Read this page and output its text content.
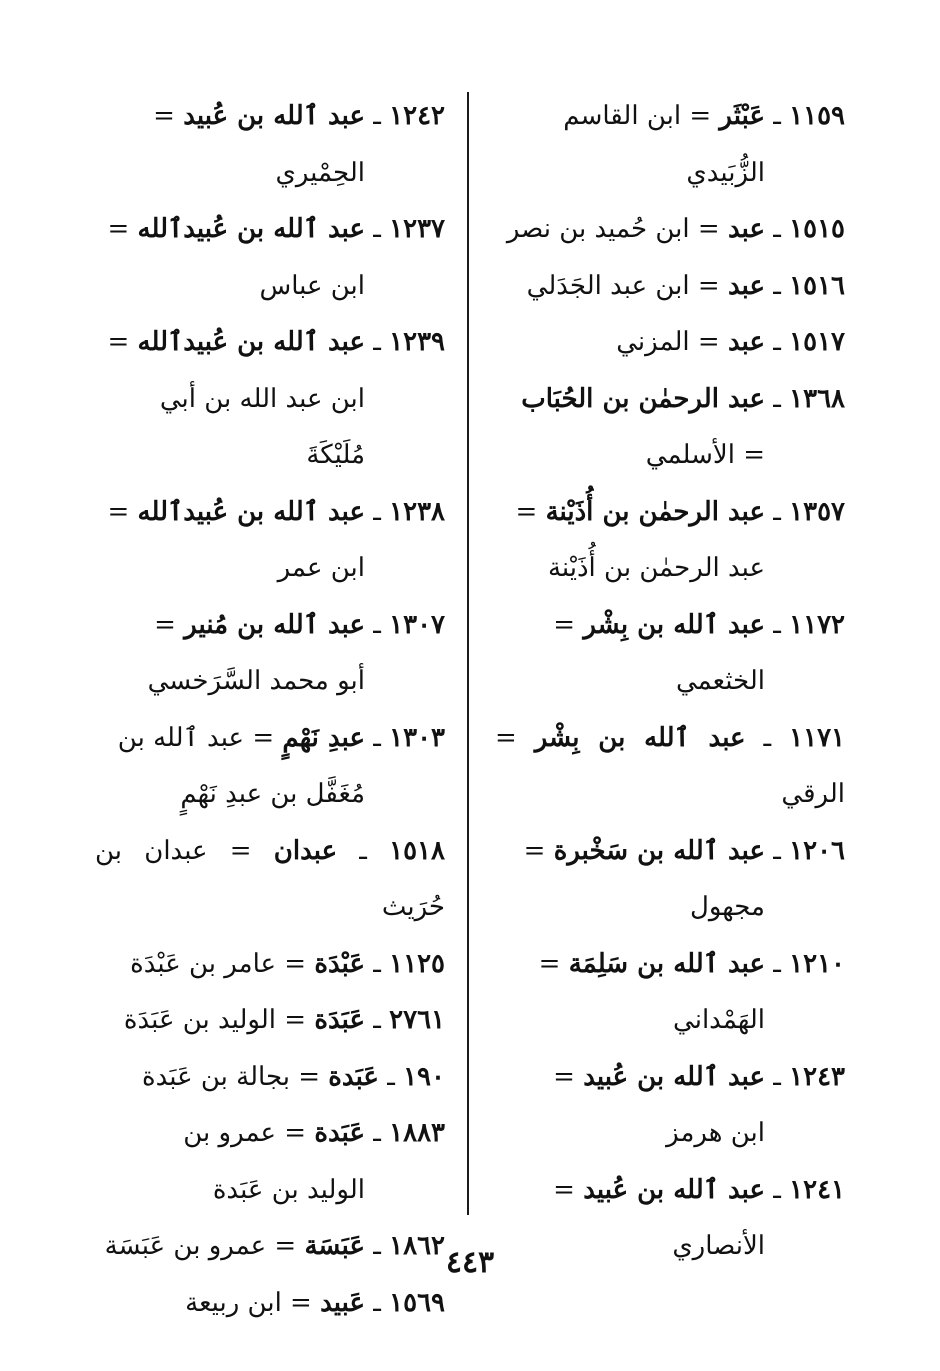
١١٥٩ ـ عَبْثَر = ابن القاسم
الزُّبَيدي
١٥١٥ ـ عبد = ابن حُميد بن نصر
١٥١٦ ـ عبد = ابن عبد الجَدَلي
١٥١٧ ـ عبد = المزني
١٣٦٨ ـ عبد الرحمٰن بن الحُبَاب
= الأسلمي
١٣٥٧ ـ عبد الرحمٰن بن أُذَيْنة =
عبد الرحمٰن بن أُذَيْنة
١١٧٢ ـ عبد ٱلله بن بِشْر =
الخثعمي
١١٧١ ـ عبد ٱلله بن بِشْر = الرقي
١٢٠٦ ـ عبد ٱلله بن سَخْبرة =
مجهول
١٢١٠ ـ عبد ٱلله بن سَلِمَة =
الهَمْداني
١٢٤٣ ـ عبد ٱلله بن عُبيد =
ابن هرمز
١٢٤١ ـ عبد ٱلله بن عُبيد =
الأنصاري
١٢٤٢ ـ عبد ٱلله بن عُبيد =
الحِمْيري
١٢٣٧ ـ عبد ٱلله بن عُبيدٱلله =
ابن عباس
١٢٣٩ ـ عبد ٱلله بن عُبيدٱلله =
ابن عبد الله بن أبي مُلَيْكَةَ
١٢٣٨ ـ عبد ٱلله بن عُبيدٱلله =
ابن عمر
١٣٠٧ ـ عبد ٱلله بن مُنير =
أبو محمد السَّرَخسي
١٣٠٣ ـ عبدِ نَهْمٍ = عبد ٱلله بن
مُغَفَّل بن عبدِ نَهْمٍ
١٥١٨ ـ عبدان = عبدان بن حُرَيث
١١٢٥ ـ عَبْدَة = عامر بن عَبْدَة
٢٧٦١ ـ عَبَدَة = الوليد بن عَبَدَة
١٩٠ ـ عَبَدة = بجالة بن عَبَدة
١٨٨٣ ـ عَبَدة = عمرو بن
الوليد بن عَبَدة
١٨٦٢ ـ عَبَسَة = عمرو بن عَبَسَة
١٥٦٩ ـ عَبيد = ابن ربيعة
٤٤٣
